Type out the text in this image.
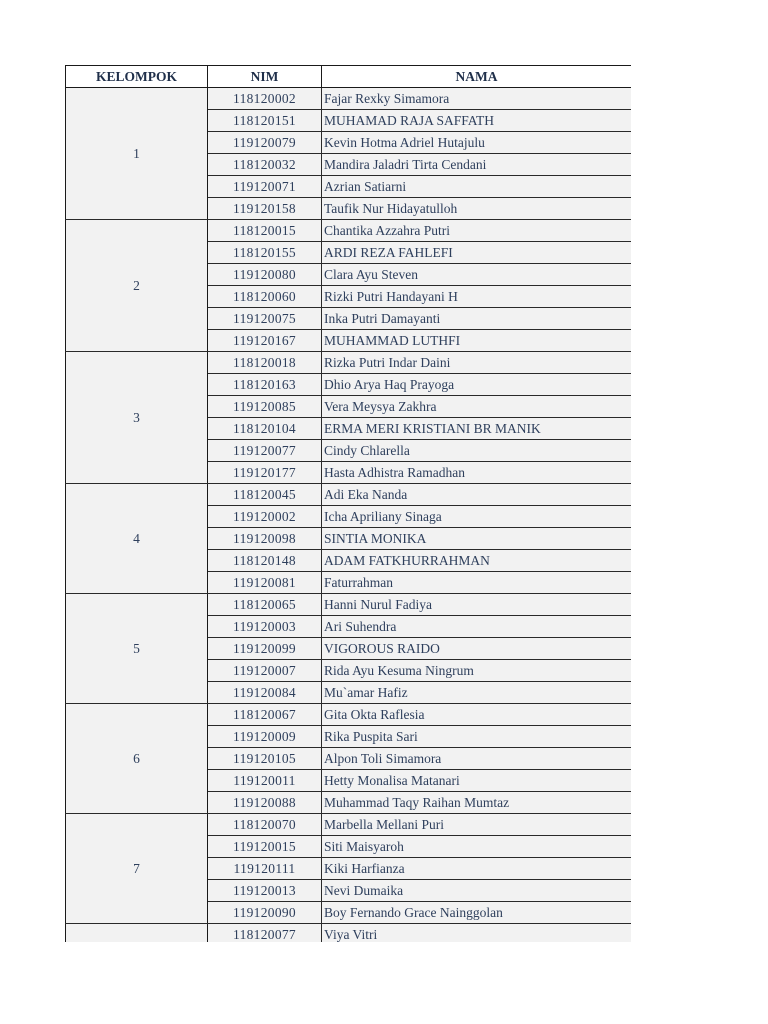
KELOMPOK	NIM	NAMA
1	118120002	Fajar Rexky Simamora
	118120151	MUHAMAD RAJA SAFFATH
	119120079	Kevin Hotma Adriel Hutajulu
	118120032	Mandira Jaladri Tirta Cendani
	119120071	Azrian Satiarni
	119120158	Taufik Nur Hidayatulloh
2	118120015	Chantika Azzahra Putri
	118120155	ARDI REZA FAHLEFI
	119120080	Clara Ayu Steven
	118120060	Rizki Putri Handayani H
	119120075	Inka Putri Damayanti
	119120167	MUHAMMAD LUTHFI
3	118120018	Rizka Putri Indar Daini
	118120163	Dhio Arya Haq Prayoga
	119120085	Vera Meysya Zakhra
	118120104	ERMA MERI KRISTIANI BR MANIK
	119120077	Cindy Chlarella
	119120177	Hasta Adhistra Ramadhan
4	118120045	Adi Eka Nanda
	119120002	Icha Apriliany Sinaga
	119120098	SINTIA MONIKA
	118120148	ADAM FATKHURRAHMAN
	119120081	Faturrahman
5	118120065	Hanni Nurul Fadiya
	119120003	Ari Suhendra
	119120099	VIGOROUS RAIDO
	119120007	Rida Ayu Kesuma Ningrum
	119120084	Mu`amar Hafiz
6	118120067	Gita Okta Raflesia
	119120009	Rika Puspita Sari
	119120105	Alpon Toli Simamora
	119120011	Hetty Monalisa Matanari
	119120088	Muhammad Taqy Raihan Mumtaz
7	118120070	Marbella Mellani Puri
	119120015	Siti Maisyaroh
	119120111	Kiki Harfianza
	119120013	Nevi Dumaika
	119120090	Boy Fernando Grace Nainggolan
	118120077	Viya Vitri
